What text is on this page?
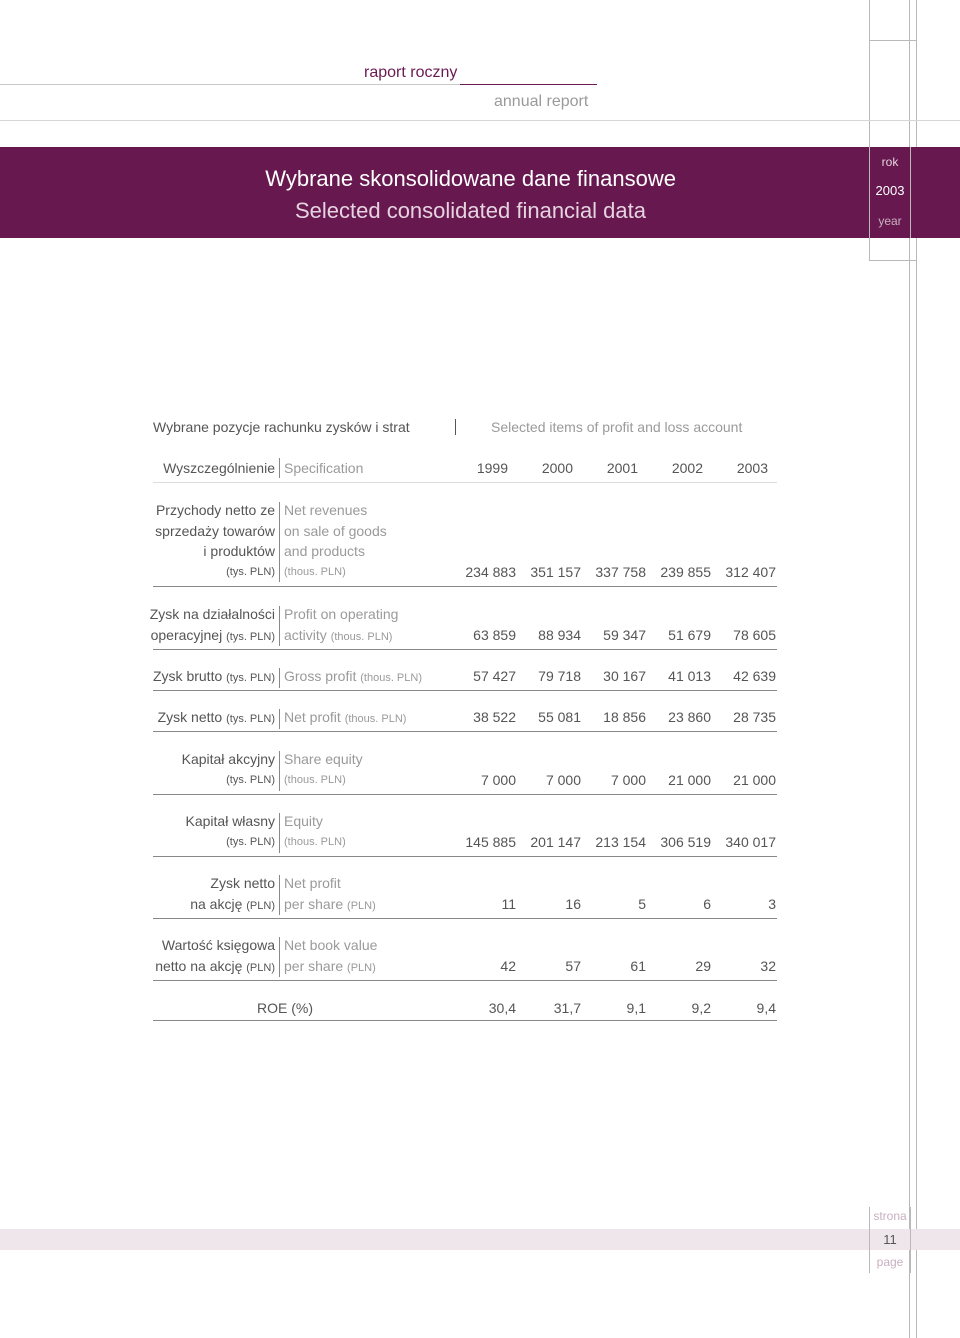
raport roczny
annual report
Wybrane skonsolidowane dane finansowe
Selected consolidated financial data
rok
2003
year
Wybrane pozycje rachunku zysków i strat	Selected items of profit and loss account
Wyszczególnienie Specification	1999	2000	2001	2002	2003
Przychody netto ze
sprzedaży towarów
i produktów
(tys. PLN)
Net revenues
on sale of goods
and products
(thous. PLN)	234 883	351 157	337 758	239 855	312 407
Zysk na działalności
operacyjnej (tys. PLN)
Profit on operating
activity (thous. PLN)	63 859	88 934	59 347	51 679	78 605
Zysk brutto (tys. PLN) Gross profit (thous. PLN)	57 427	79 718	30 167	41 013	42 639
Zysk netto (tys. PLN) Net profit (thous. PLN)	38 522	55 081	18 856	23 860	28 735
Kapitał akcyjny
(tys. PLN)
Share equity
(thous. PLN)	7 000	7 000	7 000	21 000	21 000
Kapitał własny
(tys. PLN)
Equity
(thous. PLN)	145 885	201 147	213 154	306 519	340 017
Zysk netto
na akcję (PLN)
Net profit
per share (PLN)	11	16	5	6	3
Wartość księgowa
netto na akcję (PLN)
Net book value
per share (PLN)	42	57	61	29	32
ROE (%)	30,4	31,7	9,1	9,2	9,4
strona
11
page
